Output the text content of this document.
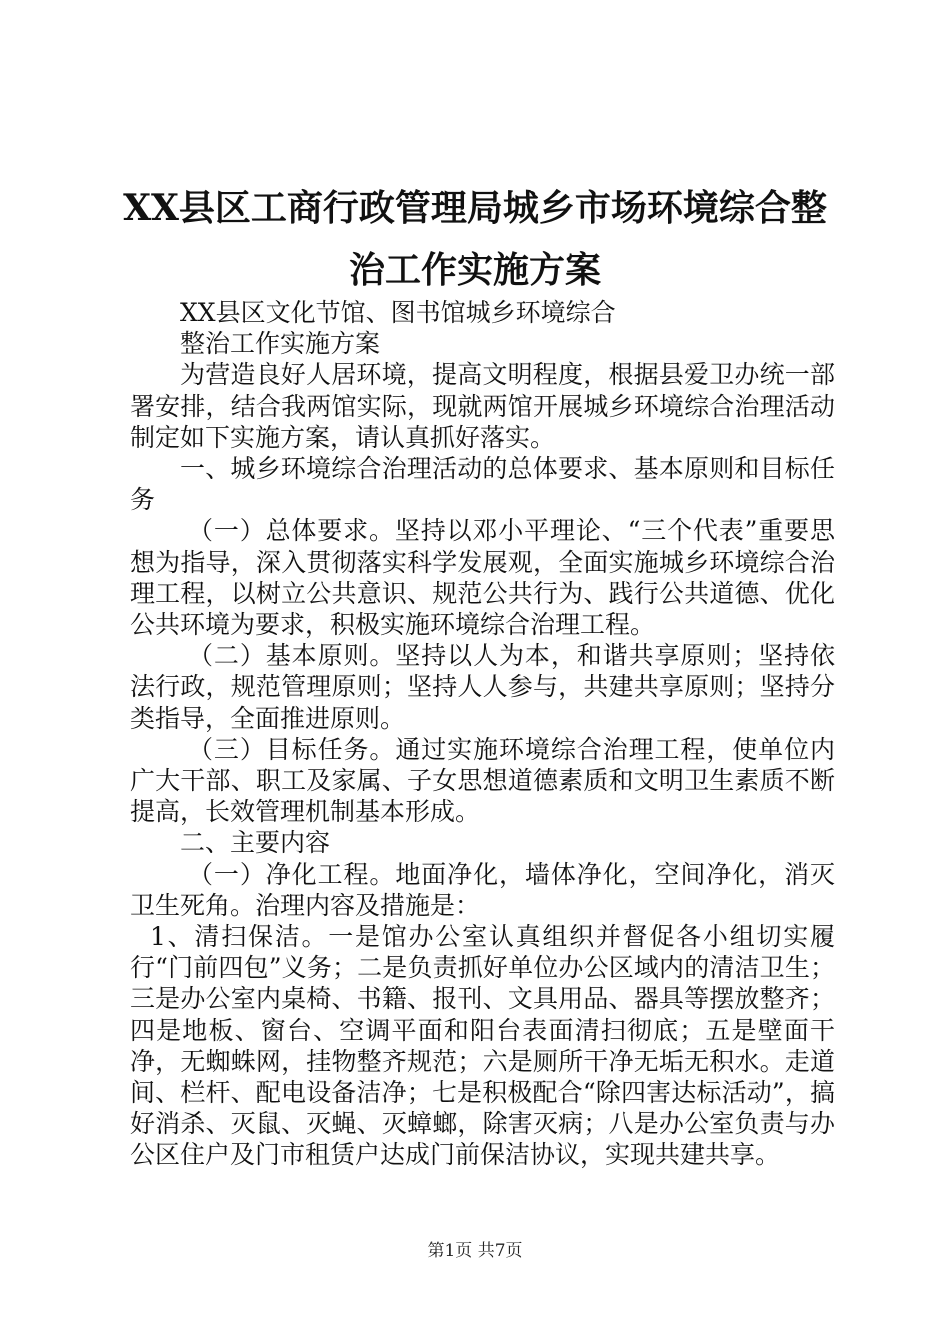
XX县区工商行政管理局城乡市场环境综合整
治工作实施方案

XX县区文化节馆、图书馆城乡环境综合

整治工作实施方案

为营造良好人居环境，提高文明程度，根据县爱卫办统一部署安排，结合我两馆实际，现就两馆开展城乡环境综合治理活动制定如下实施方案，请认真抓好落实。

一、城乡环境综合治理活动的总体要求、基本原则和目标任务

（一）总体要求。坚持以邓小平理论、“三个代表”重要思想为指导，深入贯彻落实科学发展观，全面实施城乡环境综合治理工程，以树立公共意识、规范公共行为、践行公共道德、优化公共环境为要求，积极实施环境综合治理工程。

（二）基本原则。坚持以人为本，和谐共享原则；坚持依法行政，规范管理原则；坚持人人参与，共建共享原则；坚持分类指导，全面推进原则。

（三）目标任务。通过实施环境综合治理工程，使单位内广大干部、职工及家属、子女思想道德素质和文明卫生素质不断提高，长效管理机制基本形成。

二、主要内容

（一）净化工程。地面净化，墙体净化，空间净化，消灭卫生死角。治理内容及措施是：

1、清扫保洁。一是馆办公室认真组织并督促各小组切实履行“门前四包”义务；二是负责抓好单位办公区域内的清洁卫生；三是办公室内桌椅、书籍、报刊、文具用品、器具等摆放整齐；四是地板、窗台、空调平面和阳台表面清扫彻底；五是壁面干净，无蜘蛛网，挂物整齐规范；六是厕所干净无垢无积水。走道间、栏杆、配电设备洁净；七是积极配合“除四害达标活动”，搞好消杀、灭鼠、灭蝇、灭蟑螂，除害灭病；八是办公室负责与办公区住户及门市租赁户达成门前保洁协议，实现共建共享。

第1页 共7页
